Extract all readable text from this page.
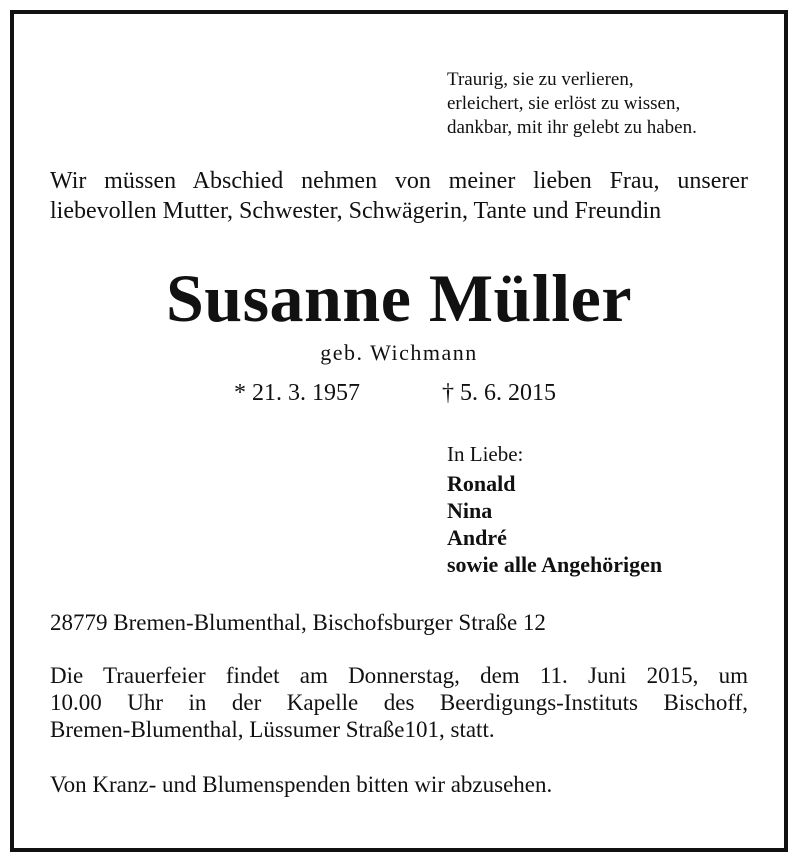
Traurig, sie zu verlieren,
erleichert, sie erlöst zu wissen,
dankbar, mit ihr gelebt zu haben.
Wir müssen Abschied nehmen von meiner lieben Frau, unserer
liebevollen Mutter, Schwester, Schwägerin, Tante und Freundin
Susanne Müller
geb. Wichmann
* 21. 3. 1957	† 5. 6. 2015
In Liebe:
Ronald
Nina
André
sowie alle Angehörigen
28779 Bremen-Blumenthal, Bischofsburger Straße 12
Die Trauerfeier findet am Donnerstag, dem 11. Juni 2015, um
10.00 Uhr in der Kapelle des Beerdigungs-Instituts Bischoff,
Bremen-Blumenthal, Lüssumer Straße101, statt.
Von Kranz- und Blumenspenden bitten wir abzusehen.
